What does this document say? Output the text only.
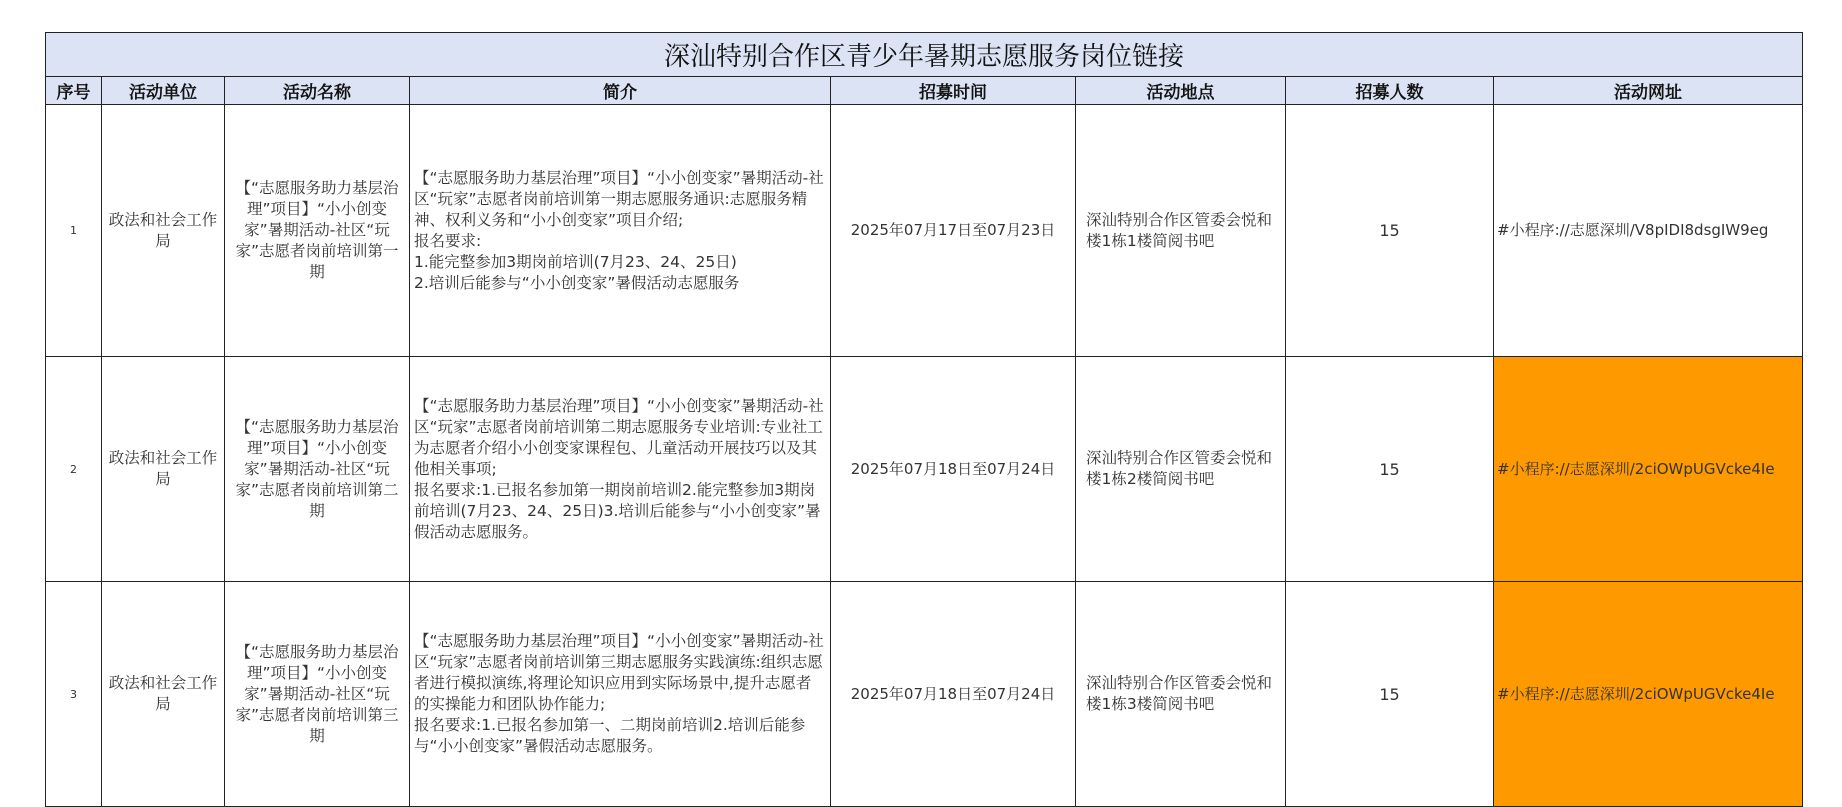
深汕特别合作区青少年暑期志愿服务岗位链接							
序号	活动单位	活动名称	简介	招募时间	活动地点	招募人数	活动网址
1	政法和社会工作局	【“志愿服务助力基层治理”项目】“小小创变家”暑期活动-社区“玩家”志愿者岗前培训第一期	【“志愿服务助力基层治理”项目】“小小创变家”暑期活动-社区“玩家”志愿者岗前培训第一期志愿服务通识:志愿服务精神、权利义务和“小小创变家”项目介绍;
报名要求:
1.能完整参加3期岗前培训(7月23、24、25日)
2.培训后能参与“小小创变家”暑假活动志愿服务	2025年07月17日至07月23日	深汕特别合作区管委会悦和楼1栋1楼简阅书吧	15	#小程序://志愿深圳/V8pIDI8dsgIW9eg
2	政法和社会工作局	【“志愿服务助力基层治理”项目】“小小创变家”暑期活动-社区“玩家”志愿者岗前培训第二期	【“志愿服务助力基层治理”项目】“小小创变家”暑期活动-社区“玩家”志愿者岗前培训第二期志愿服务专业培训:专业社工为志愿者介绍小小创变家课程包、儿童活动开展技巧以及其他相关事项;
报名要求:1.已报名参加第一期岗前培训2.能完整参加3期岗前培训(7月23、24、25日)3.培训后能参与“小小创变家”暑假活动志愿服务。	2025年07月18日至07月24日	深汕特别合作区管委会悦和楼1栋2楼简阅书吧	15	#小程序://志愿深圳/2ciOWpUGVcke4Ie
3	政法和社会工作局	【“志愿服务助力基层治理”项目】“小小创变家”暑期活动-社区“玩家”志愿者岗前培训第三期	【“志愿服务助力基层治理”项目】“小小创变家”暑期活动-社区“玩家”志愿者岗前培训第三期志愿服务实践演练:组织志愿者进行模拟演练,将理论知识应用到实际场景中,提升志愿者的实操能力和团队协作能力;
报名要求:1.已报名参加第一、二期岗前培训2.培训后能参与“小小创变家”暑假活动志愿服务。	2025年07月18日至07月24日	深汕特别合作区管委会悦和楼1栋3楼简阅书吧	15	#小程序://志愿深圳/2ciOWpUGVcke4Ie
